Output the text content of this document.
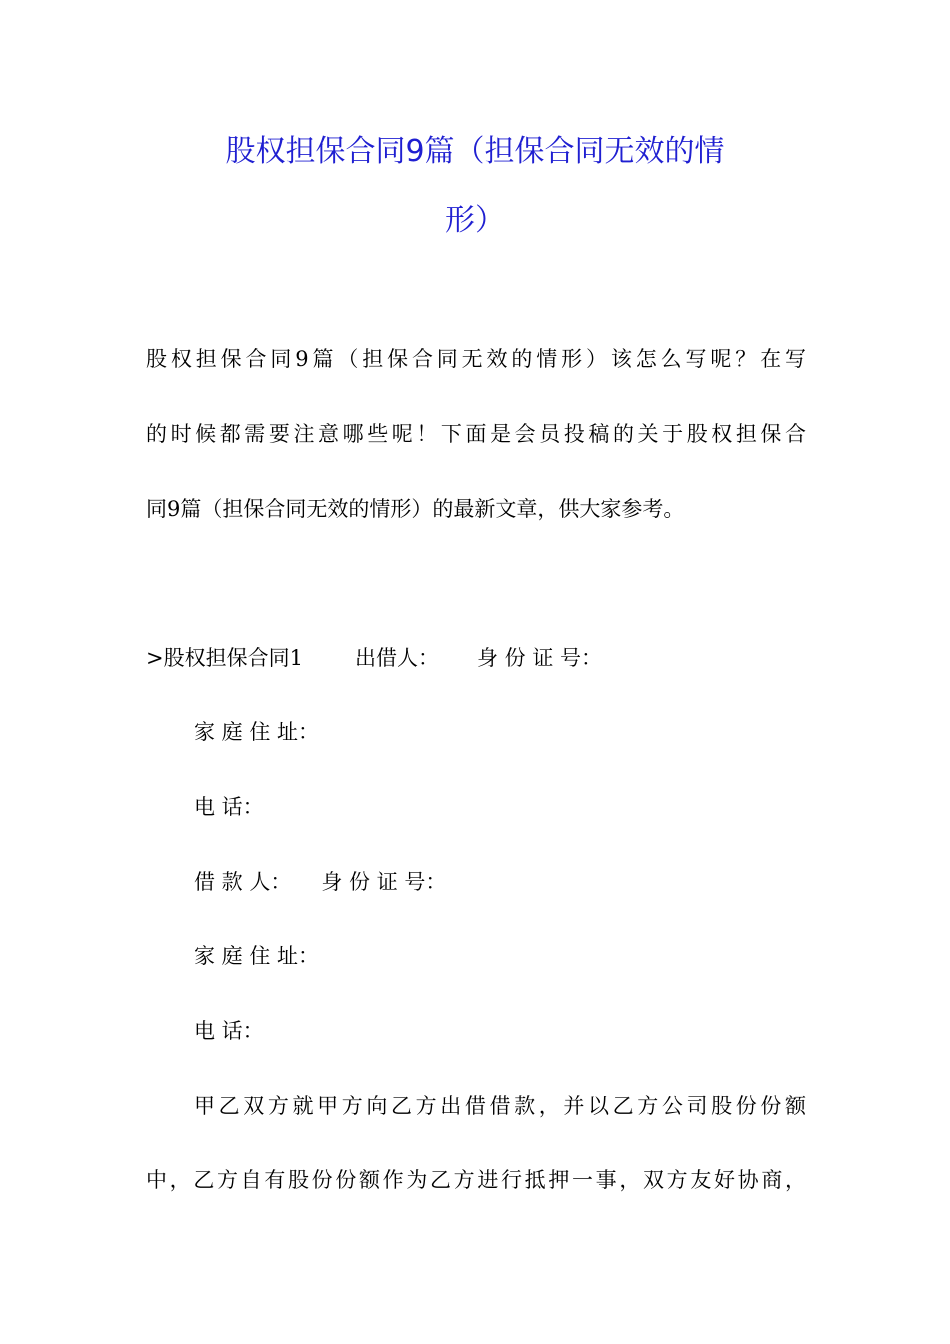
股权担保合同9篇（担保合同无效的情
形）
股权担保合同9篇（担保合同无效的情形）该怎么写呢？在写
的时候都需要注意哪些呢！下面是会员投稿的关于股权担保合
同9篇（担保合同无效的情形）的最新文章，供大家参考。
>股权担保合同1 出借人： 身 份 证 号：
家 庭 住 址：
电 话：
借 款 人： 身 份 证 号：
家 庭 住 址：
电 话：
甲乙双方就甲方向乙方出借借款，并以乙方公司股份份额
中，乙方自有股份份额作为乙方进行抵押一事，双方友好协商，
